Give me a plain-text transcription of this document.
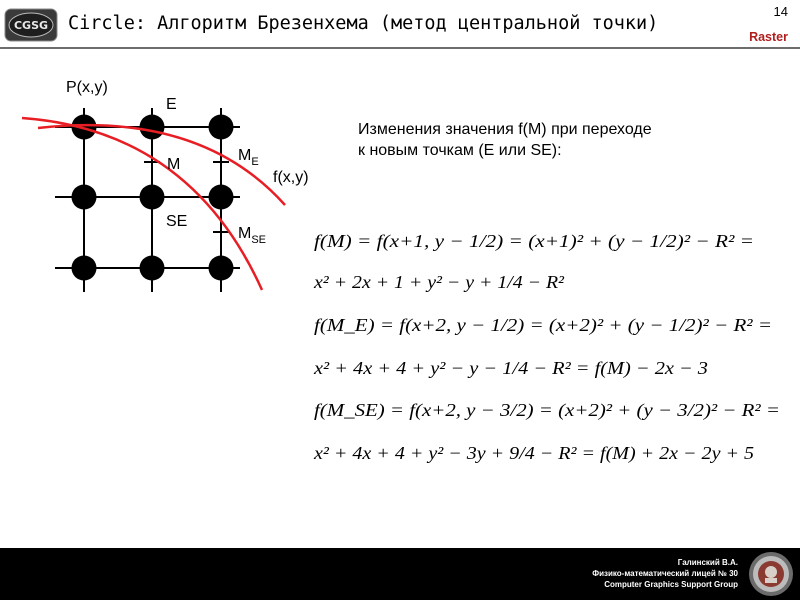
CGSG Circle: Алгоритм Брезенхема (метод центральной точки)
14
Raster
P(x,y)
E
M
$M_E$
f(x,y)
SE
$M_{SE}$
Изменения значения f(M) при переходе
к новым точкам (E или SE):
f(M) = f(x+1, y − 1/2) = (x+1)² + (y − 1/2)² − R² =
x² + 2x + 1 + y² − y + 1/4 − R²
f(M_E) = f(x+2, y − 1/2) = (x+2)² + (y − 1/2)² − R² =
x² + 4x + 4 + y² − y − 1/4 − R² = f(M) − 2x − 3
f(M_SE) = f(x+2, y − 3/2) = (x+2)² + (y − 3/2)² − R² =
x² + 4x + 4 + y² − 3y + 9/4 − R² = f(M) + 2x − 2y + 5
Галинский В.А.
Физико-математический лицей № 30
Computer Graphics Support Group
